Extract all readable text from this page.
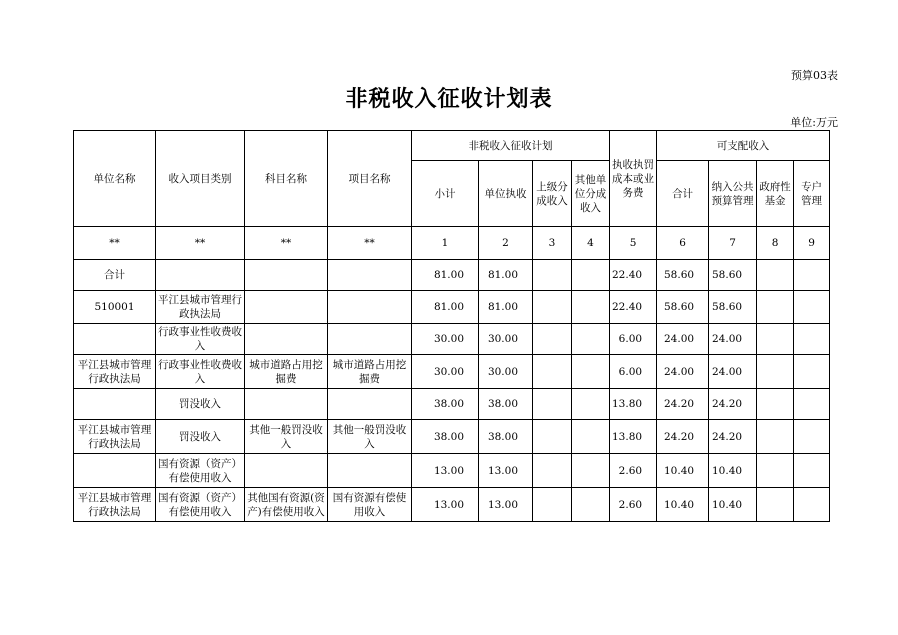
预算03表
非税收入征收计划表
单位:万元
单位名称	收入项目类别	科目名称	项目名称	非税收入征收计划				执收执罚成本或业务费	可支配收入			
				小计	单位执收	上级分成收入	其他单位分成收入		合计	纳入公共预算管理	政府性基金	专户管理
**	**	**	**	1	2	3	4	5	6	7	8	9
合计				81.00	81.00			22.40	58.60	58.60		
510001	平江县城市管理行政执法局			81.00	81.00			22.40	58.60	58.60		
	行政事业性收费收入			30.00	30.00			6.00	24.00	24.00		
平江县城市管理行政执法局	行政事业性收费收入	城市道路占用挖掘费	城市道路占用挖掘费	30.00	30.00			6.00	24.00	24.00		
	罚没收入			38.00	38.00			13.80	24.20	24.20		
平江县城市管理行政执法局	罚没收入	其他一般罚没收入	其他一般罚没收入	38.00	38.00			13.80	24.20	24.20		
	国有资源（资产）有偿使用收入			13.00	13.00			2.60	10.40	10.40		
平江县城市管理行政执法局	国有资源（资产）有偿使用收入	其他国有资源(资产)有偿使用收入	国有资源有偿使用收入	13.00	13.00			2.60	10.40	10.40		
